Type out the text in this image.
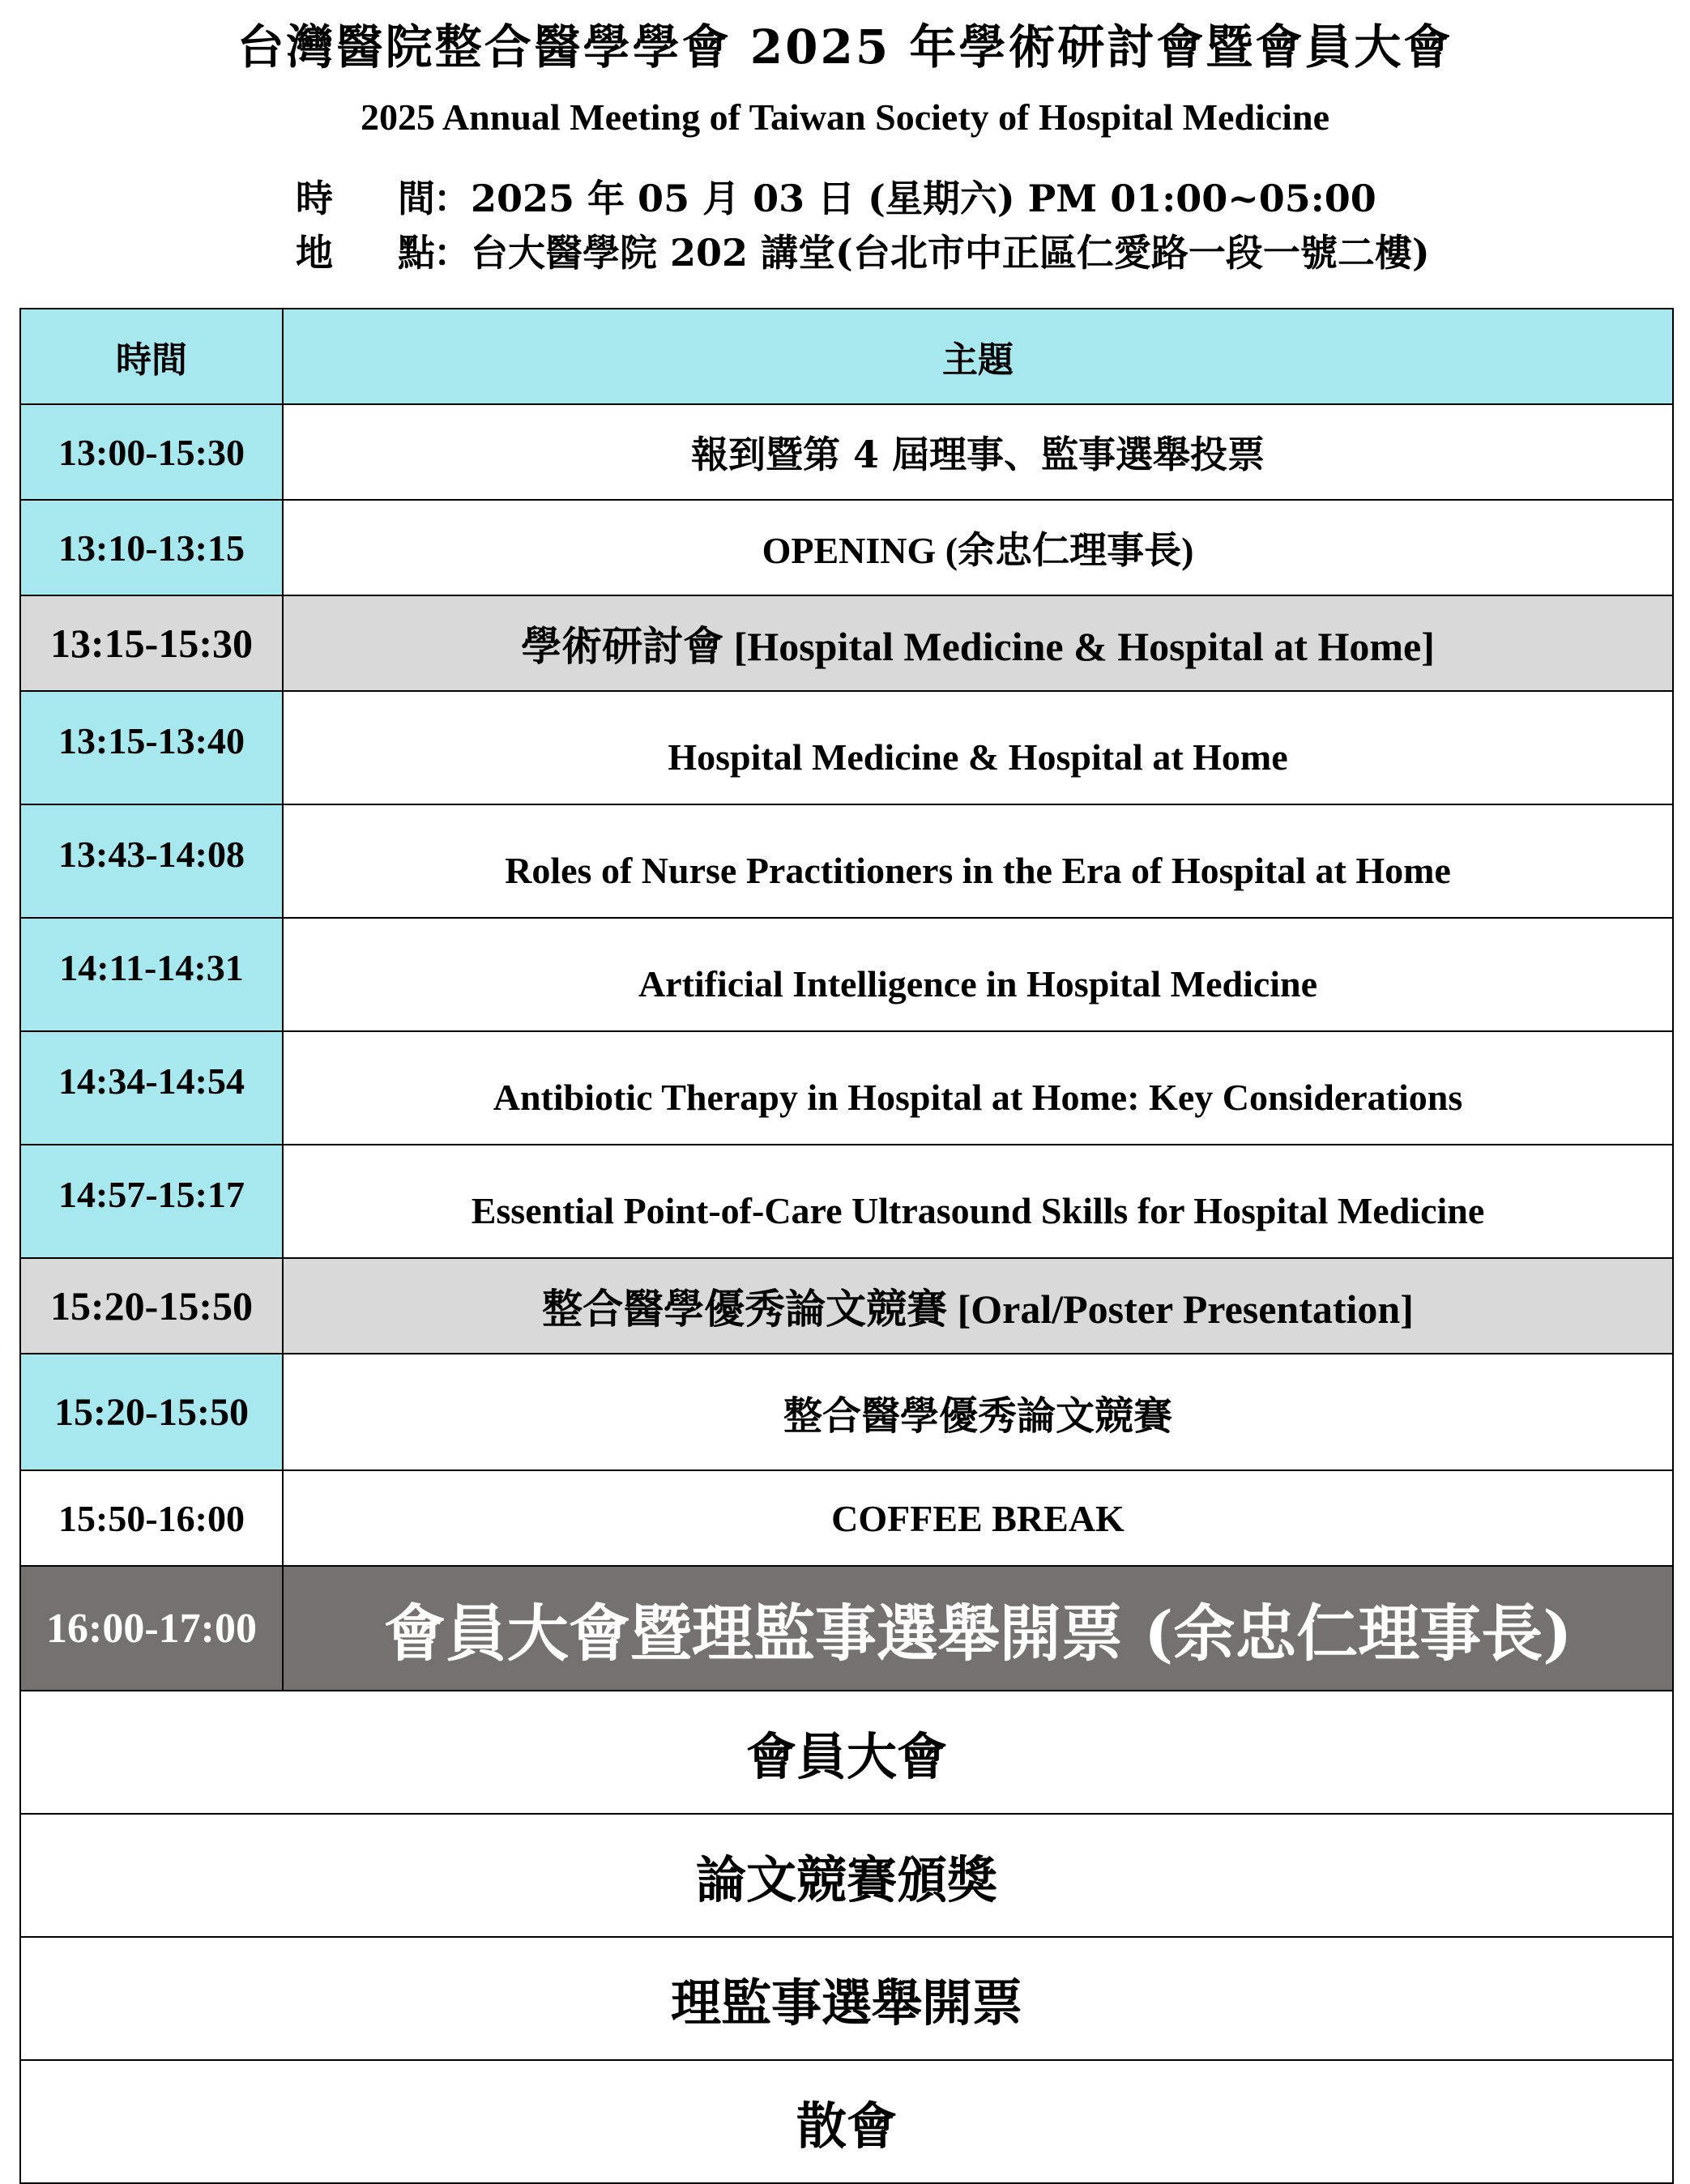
台灣醫院整合醫學學會 2025 年學術研討會暨會員大會
2025 Annual Meeting of Taiwan Society of Hospital Medicine
時 間：2025 年 05 月 03 日 (星期六) PM 01:00~05:00
地 點：台大醫學院 202 講堂(台北市中正區仁愛路一段一號二樓)
時間	主題
13:00-15:30	報到暨第 4 屆理事、監事選舉投票
13:10-13:15	OPENING (余忠仁理事長)
13:15-15:30	學術研討會 [Hospital Medicine & Hospital at Home]
13:15-13:40	Hospital Medicine & Hospital at Home
13:43-14:08	Roles of Nurse Practitioners in the Era of Hospital at Home
14:11-14:31	Artificial Intelligence in Hospital Medicine
14:34-14:54	Antibiotic Therapy in Hospital at Home: Key Considerations
14:57-15:17	Essential Point-of-Care Ultrasound Skills for Hospital Medicine
15:20-15:50	整合醫學優秀論文競賽 [Oral/Poster Presentation]
15:20-15:50	整合醫學優秀論文競賽
15:50-16:00	COFFEE BREAK
16:00-17:00	會員大會暨理監事選舉開票 (余忠仁理事長)
會員大會	
論文競賽頒獎	
理監事選舉開票	
散會	
